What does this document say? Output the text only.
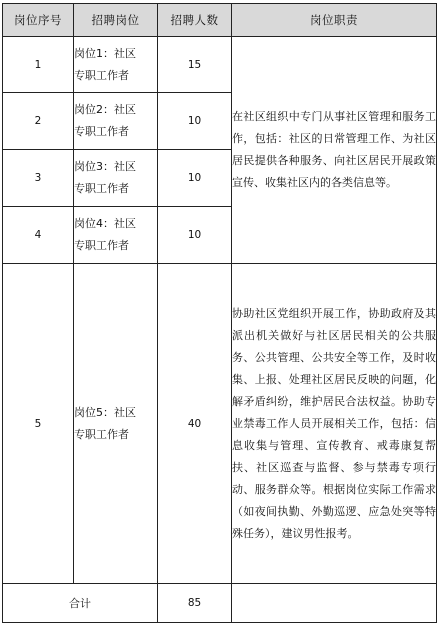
岗位序号	招聘岗位	招聘人数	岗位职责
1	岗位1：社区
专职工作者	15	在社区组织中专门从事社区管理和服务工作，包括：社区的日常管理工作、为社区居民提供各种服务、向社区居民开展政策宣传、收集社区内的各类信息等。
2	岗位2：社区
专职工作者	10	
3	岗位3：社区
专职工作者	10	
4	岗位4：社区
专职工作者	10	
5	岗位5：社区
专职工作者	40	协助社区党组织开展工作，协助政府及其派出机关做好与社区居民相关的公共服务、公共管理、公共安全等工作，及时收集、上报、处理社区居民反映的问题，化解矛盾纠纷，维护居民合法权益。协助专业禁毒工作人员开展相关工作，包括：信息收集与管理、宣传教育、戒毒康复帮扶、社区巡查与监督、参与禁毒专项行动、服务群众等。根据岗位实际工作需求（如夜间执勤、外勤巡逻、应急处突等特殊任务），建议男性报考。
合计		85	
